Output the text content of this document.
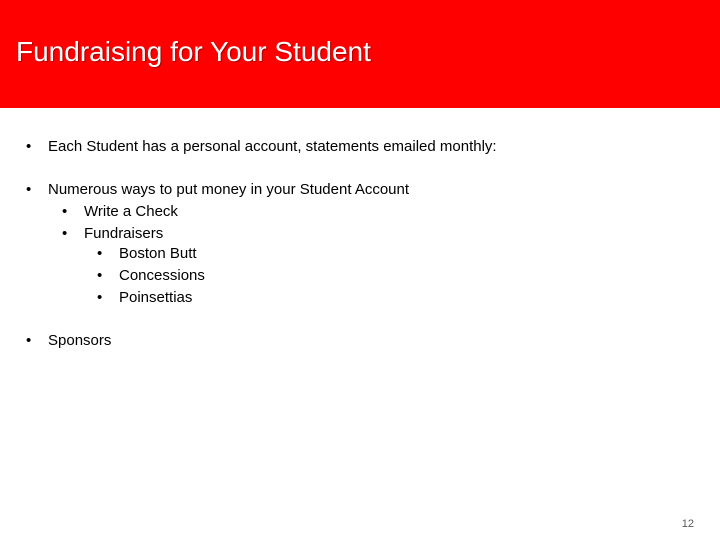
Fundraising for Your Student
• Each Student has a personal account, statements emailed monthly:
• Numerous ways to put money in your Student Account
• Write a Check
• Fundraisers
• Boston Butt
• Concessions
• Poinsettias
• Sponsors
12
